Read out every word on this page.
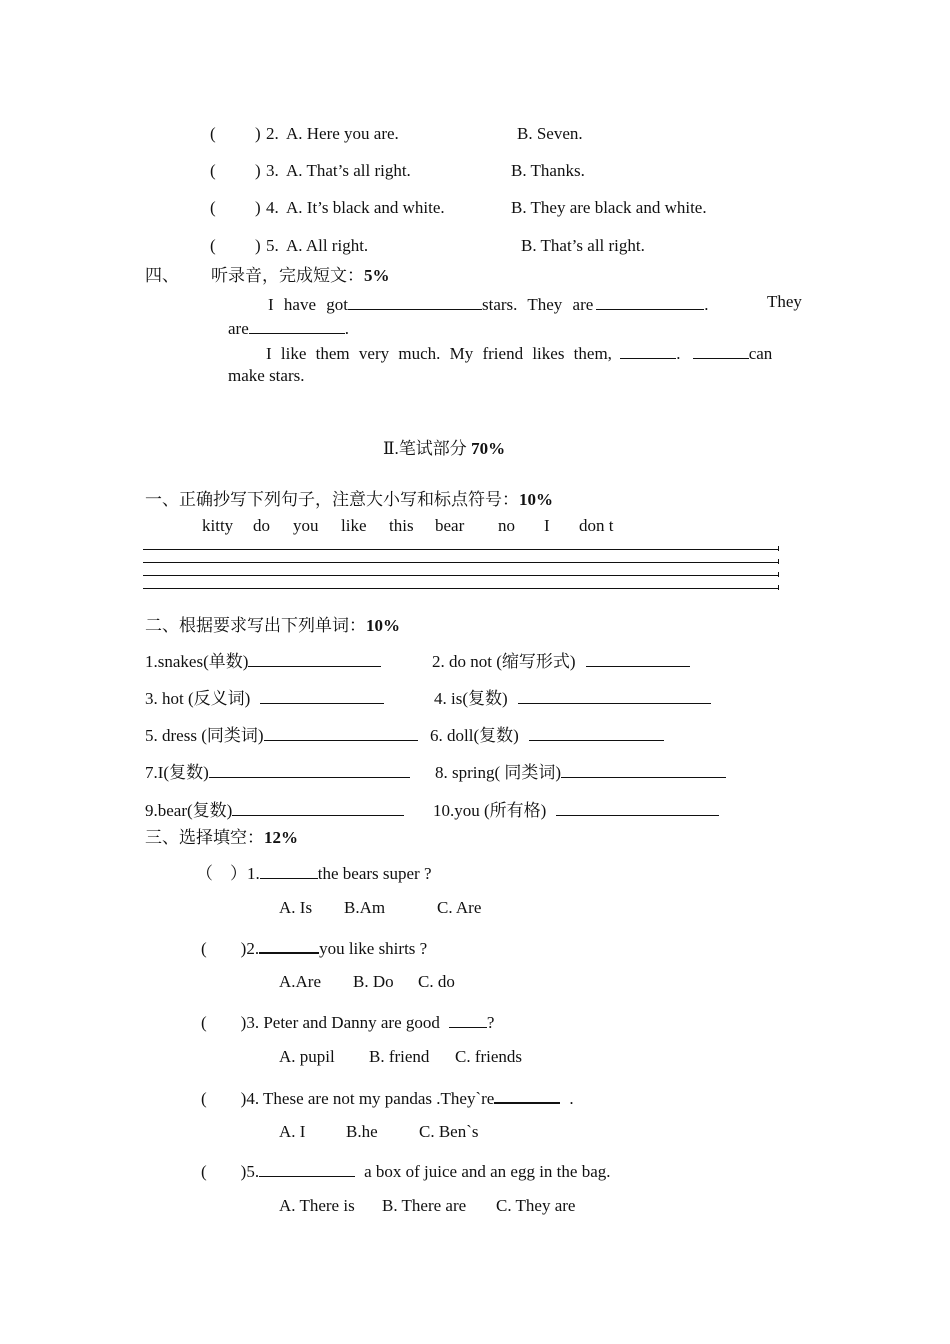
( ) 2. A. Here you are.	B. Seven.
( ) 3. A. That’s all right.	B. Thanks.
( ) 4. A. It’s black and white.	B. They are black and white.
( ) 5. A. All right.	B. That’s all right.
四、 听录音，完成短文：5%
I have got	stars. They are	.	They
are	.
I like them very much. My friend likes them,	.	can
make stars.
Ⅱ.笔试部分 70%
一、正确抄写下列句子，注意大小写和标点符号：10%
kitty do you like this bear no I don t
二、根据要求写出下列单词：10%
1.snakes(单数)	2. do not (缩写形式)
3. hot (反义词)	4. is(复数)
5. dress (同类词)	6. doll(复数)
7.I(复数)	8. spring( 同类词)
9.bear(复数)	10.you (所有格)
三、选择填空：12%
（　）1.	the bears super ?
A. Is B.Am	C. Are
(　　)2.	you like shirts ?
A.Are B. Do C. do
(　　)3. Peter and Danny are good	?
A. pupil B. friend C. friends
(　　)4. These are not my pandas .They`re	.
A. I B.he C. Ben`s
(　　)5.	a box of juice and an egg in the bag.
A. There is B. There are C. They are
